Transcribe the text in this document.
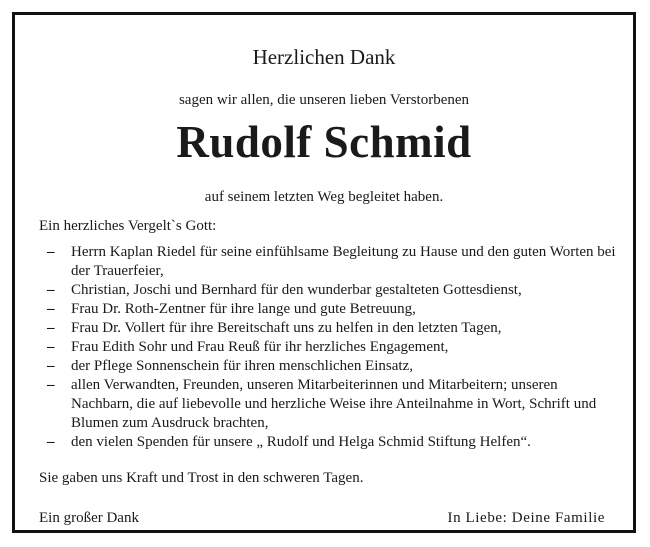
Herzlichen Dank
sagen wir allen, die unseren lieben Verstorbenen
Rudolf Schmid
auf seinem letzten Weg begleitet haben.
Ein herzliches Vergelt`s Gott:
– Herrn Kaplan Riedel für seine einfühlsame Begleitung zu Hause und den guten Worten bei der Trauerfeier,
– Christian, Joschi und Bernhard für den wunderbar gestalteten Gottesdienst,
– Frau Dr. Roth-Zentner für ihre lange und gute Betreuung,
– Frau Dr. Vollert für ihre Bereitschaft uns zu helfen in den letzten Tagen,
– Frau Edith Sohr und Frau Reuß für ihr herzliches Engagement,
– der Pflege Sonnenschein für ihren menschlichen Einsatz,
– allen Verwandten, Freunden, unseren Mitarbeiterinnen und Mitarbeitern; unseren Nachbarn, die auf liebevolle und herzliche Weise ihre Anteilnahme in Wort, Schrift und Blumen zum Ausdruck brachten,
– den vielen Spenden für unsere „ Rudolf und Helga Schmid Stiftung Helfen“.
Sie gaben uns Kraft und Trost in den schweren Tagen.
Ein großer Dank	In Liebe: Deine Familie
